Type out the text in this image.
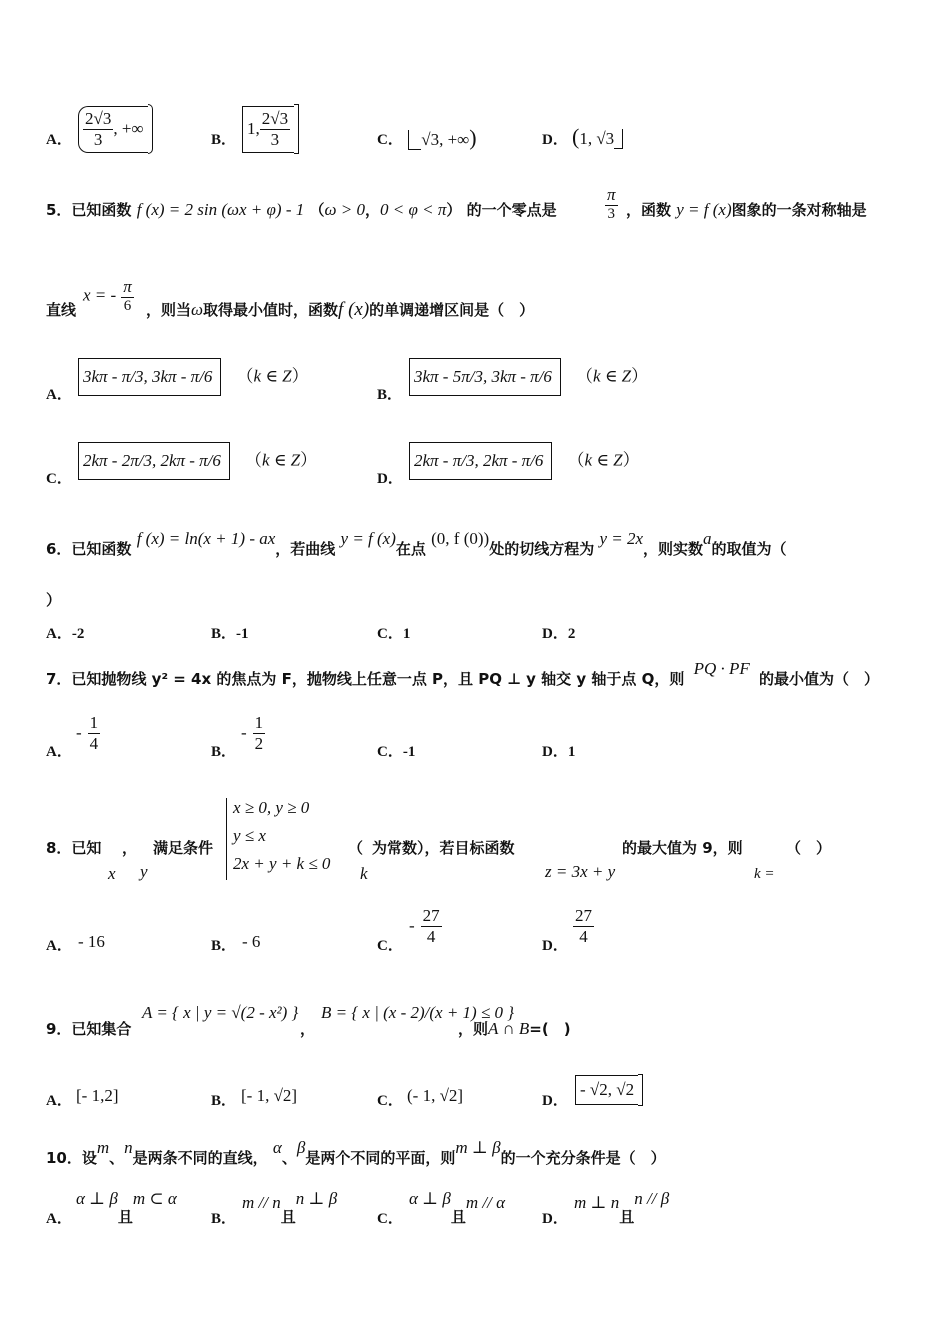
A． $\frac{2√3}{3}$ , +∞
B．
1, $\frac{2√3}{3}$	C．	√3, +∞)	D． (1, √3
5．已知函数 f (x) = 2 sin (ωx + φ) - 1 （ω > 0，0 < φ < π） 的一个零点是	$\frac{\pi}{3}$ ，函数 y = f (x)图象的一条对称轴是
直线
x = - $\frac{\pi}{6}$ ，则当ω取得最小值时，函数f (x)的单调递增区间是（　）
A．
3kπ - π/3, 3kπ - π/6 （k ∈ Z）
B．
3kπ - 5π/3, 3kπ - π/6 （k ∈ Z）
C．
2kπ - 2π/3, 2kπ - π/6 （k ∈ Z）
D．
2kπ - π/3, 2kπ - π/6 （k ∈ Z）
6．已知函数 f (x) = ln(x + 1) - ax，若曲线 y = f (x)在点 (0, f (0))处的切线方程为 y = 2x，则实数a的取值为（
）
A．-2	B．-1	C．1	D．2
7．已知抛物线 y² = 4x 的焦点为 F，抛物线上任意一点 P，且 PQ ⊥ y 轴交 y 轴于点 Q，则 PQ · PF 的最小值为（　）
A．
- $\frac{1}{4}$	B．
- $\frac{1}{2}$	C．-1	D．1
8．已知 ， 满足条件
x y
x ≥ 0, y ≥ 0
y ≤ x
2x + y + k ≤ 0
（
k
为常数），若目标函数
z = 3x + y
的最大值为 9，则
k =
（　）
A． - 16	B． - 6	C．
- $\frac{27}{4}$	D． $\frac{27}{4}$
9．已知集合
A = { x | y = √(2 - x²) }
，
B = { x | (x - 2)/(x + 1) ≤ 0 }
，则A ∩ B=(　)
A． [- 1,2]	B． [- 1, √2]	C． (- 1, √2]	D．
- √2, √2
10．设m、n是两条不同的直线， α、β是两个不同的平面，则m ⊥ β的一个充分条件是（　）
A．
α ⊥ β且m ⊂ α
B．
m // n且n ⊥ β
C．
α ⊥ β且m // α
D．
m ⊥ n且n // β
